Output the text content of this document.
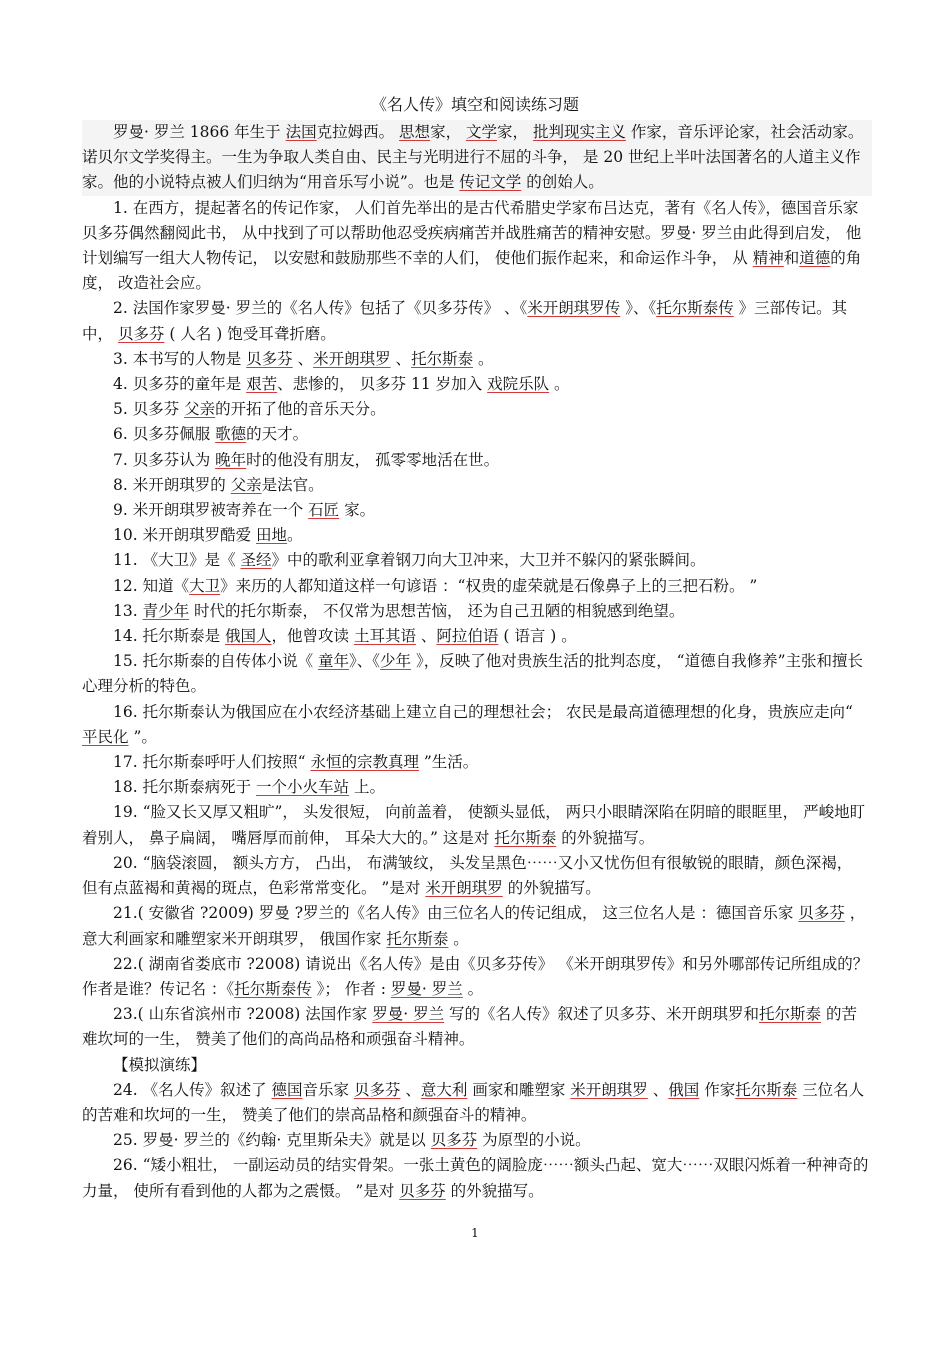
《名人传》填空和阅读练习题

罗曼· 罗兰 1866 年生于 法国克拉姆西。 思想家， 文学家， 批判现实主义 作家，音乐评论家，社会活动家。诺贝尔文学奖得主。一生为争取人类自由、民主与光明进行不屈的斗争， 是 20 世纪上半叶法国著名的人道主义作家。他的小说特点被人们归纳为“用音乐写小说”。也是 传记文学 的创始人。

1. 在西方，提起著名的传记作家， 人们首先举出的是古代希腊史学家布吕达克，著有《名人传》，德国音乐家贝多芬偶然翻阅此书， 从中找到了可以帮助他忍受疾病痛苦并战胜痛苦的精神安慰。罗曼· 罗兰由此得到启发， 他计划编写一组大人物传记， 以安慰和鼓励那些不幸的人们， 使他们振作起来，和命运作斗争， 从 精神和道德的角度， 改造社会应。

2. 法国作家罗曼· 罗兰的《名人传》包括了《贝多芬传》 、《米开朗琪罗传 》、《托尔斯泰传 》三部传记。其中， 贝多芬 ( 人名 ) 饱受耳聋折磨。

3. 本书写的人物是 贝多芬 、米开朗琪罗 、托尔斯泰 。

4. 贝多芬的童年是 艰苦、悲惨的， 贝多芬 11 岁加入 戏院乐队 。

5. 贝多芬 父亲的开拓了他的音乐天分。

6. 贝多芬佩服 歌德的天才。

7. 贝多芬认为 晚年时的他没有朋友， 孤零零地活在世。

8. 米开朗琪罗的 父亲是法官。

9. 米开朗琪罗被寄养在一个 石匠 家。

10. 米开朗琪罗酷爱 田地。

11. 《大卫》是《 圣经》中的歌利亚拿着钢刀向大卫冲来，大卫并不躲闪的紧张瞬间。

12. 知道《大卫》来历的人都知道这样一句谚语 ：“权贵的虚荣就是石像鼻子上的三把石粉。 ”

13. 青少年 时代的托尔斯泰， 不仅常为思想苦恼， 还为自己丑陋的相貌感到绝望。

14. 托尔斯泰是 俄国人，他曾攻读 土耳其语 、阿拉伯语 ( 语言 ) 。

15. 托尔斯泰的自传体小说《 童年》、《少年 》，反映了他对贵族生活的批判态度， “道德自我修养”主张和擅长心理分析的特色。

16. 托尔斯泰认为俄国应在小农经济基础上建立自己的理想社会； 农民是最高道德理想的化身，贵族应走向“ 平民化 ”。

17. 托尔斯泰呼吁人们按照“ 永恒的宗教真理 ”生活。

18. 托尔斯泰病死于 一个小火车站 上。

19. “脸又长又厚又粗旷”， 头发很短， 向前盖着， 使额头显低， 两只小眼睛深陷在阴暗的眼眶里， 严峻地盯着别人， 鼻子扁阔， 嘴唇厚而前伸， 耳朵大大的。” 这是对 托尔斯泰 的外貌描写。

20. “脑袋滚圆， 额头方方， 凸出， 布满皱纹， 头发呈黑色⋯⋯又小又忧伤但有很敏锐的眼睛，颜色深褐， 但有点蓝褐和黄褐的斑点，色彩常常变化。 ”是对 米开朗琪罗 的外貌描写。

21.( 安徽省 ?2009) 罗曼 ?罗兰的《名人传》由三位名人的传记组成， 这三位名人是 ：德国音乐家 贝多芬 ， 意大利画家和雕塑家米开朗琪罗， 俄国作家 托尔斯泰 。

22.( 湖南省娄底市 ?2008) 请说出《名人传》是由《贝多芬传》 《米开朗琪罗传》和另外哪部传记所组成的？作者是谁？传记名 ：《托尔斯泰传 》； 作者 : 罗曼· 罗兰 。

23.( 山东省滨州市 ?2008) 法国作家 罗曼· 罗兰 写的《名人传》叙述了贝多芬、米开朗琪罗和托尔斯泰 的苦难坎坷的一生， 赞美了他们的高尚品格和顽强奋斗精神。

【模拟演练】

24. 《名人传》叙述了 德国音乐家 贝多芬 、意大利 画家和雕塑家 米开朗琪罗 、俄国 作家托尔斯泰 三位名人的苦难和坎坷的一生， 赞美了他们的崇高品格和颜强奋斗的精神。

25. 罗曼· 罗兰的《约翰· 克里斯朵夫》就是以 贝多芬 为原型的小说。

26. “矮小粗壮， 一副运动员的结实骨架。一张土黄色的阔脸庞⋯⋯额头凸起、宽大⋯⋯双眼闪烁着一种神奇的力量， 使所有看到他的人都为之震慑。 ”是对 贝多芬 的外貌描写。

1
